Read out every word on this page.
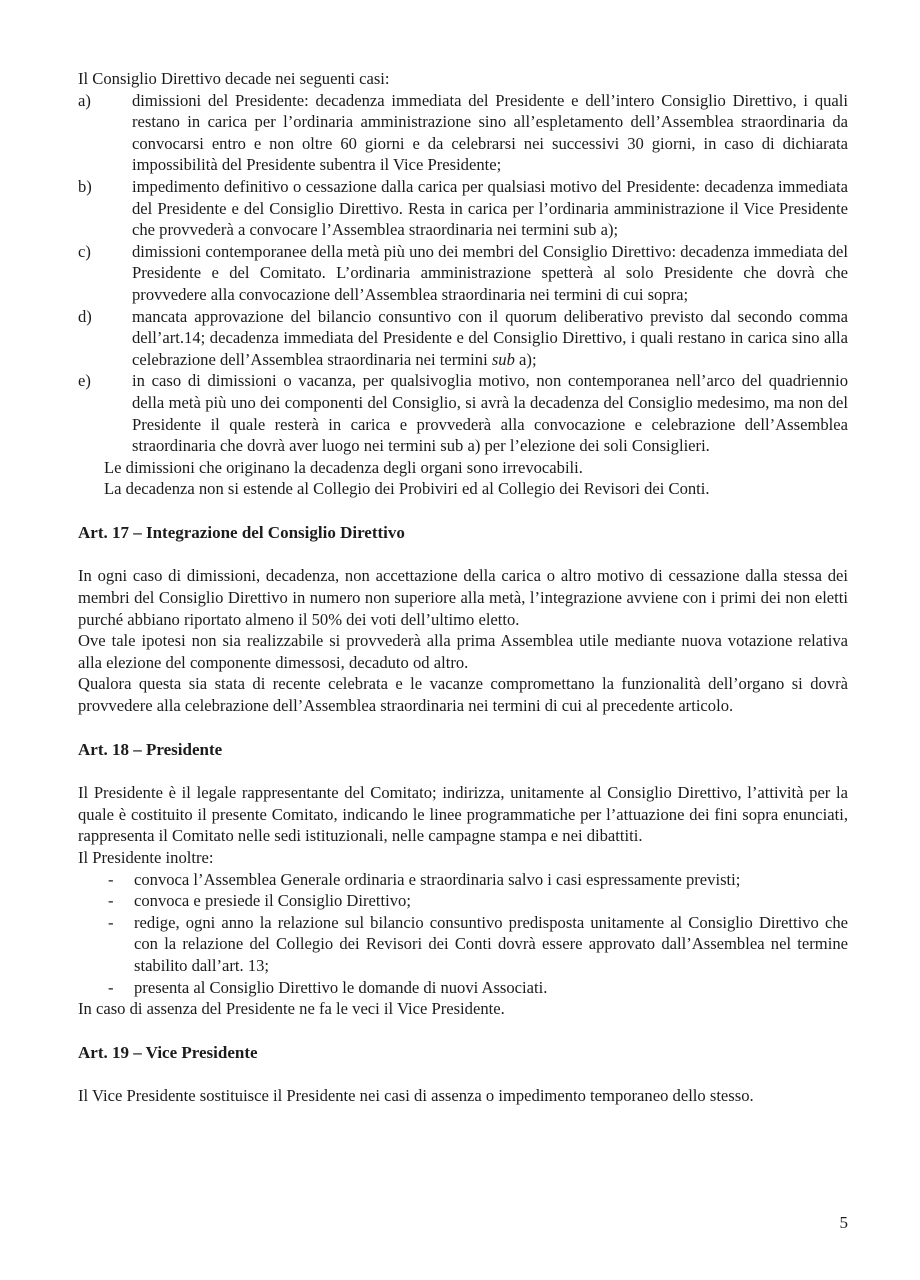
Il Consiglio Direttivo decade nei seguenti casi:

a)	dimissioni del Presidente: decadenza immediata del Presidente e dell’intero Consiglio Direttivo, i quali restano in carica per l’ordinaria amministrazione sino all’espletamento dell’Assemblea straordinaria da convocarsi entro e non oltre 60 giorni e da celebrarsi nei successivi 30 giorni, in caso di dichiarata impossibilità del Presidente subentra il Vice Presidente;
b)	impedimento definitivo o cessazione dalla carica per qualsiasi motivo del Presidente: decadenza immediata del Presidente e del Consiglio Direttivo. Resta in carica per l’ordinaria amministrazione il Vice Presidente che provvederà a convocare l’Assemblea straordinaria nei termini sub a);
c)	dimissioni contemporanee della metà più uno dei membri del Consiglio Direttivo: decadenza immediata del Presidente e del Comitato. L’ordinaria amministrazione spetterà al solo Presidente che dovrà che provvedere alla convocazione dell’Assemblea straordinaria nei termini di cui sopra;
d)	mancata approvazione del bilancio consuntivo con il quorum deliberativo previsto dal secondo comma dell’art.14; decadenza immediata del Presidente e del Consiglio Direttivo, i quali restano in carica sino alla celebrazione dell’Assemblea straordinaria nei termini sub a);
e)	in caso di dimissioni o vacanza, per qualsivoglia motivo, non contemporanea nell’arco del quadriennio della metà più uno dei componenti del Consiglio, si avrà la decadenza del Consiglio medesimo, ma non del Presidente il quale resterà in carica e provvederà alla convocazione e celebrazione dell’Assemblea straordinaria che dovrà aver luogo nei termini sub a) per l’elezione dei soli Consiglieri.

Le dimissioni che originano la decadenza degli organi sono irrevocabili.

La decadenza non si estende al Collegio dei Probiviri ed al Collegio dei Revisori dei Conti.

Art. 17 – Integrazione del Consiglio Direttivo

In ogni caso di dimissioni, decadenza, non accettazione della carica o altro motivo di cessazione dalla stessa dei membri del Consiglio Direttivo in numero non superiore alla metà, l’integrazione avviene con i primi dei non eletti purché abbiano riportato almeno il 50% dei voti dell’ultimo eletto.

Ove tale ipotesi non sia realizzabile si provvederà alla prima Assemblea utile mediante nuova votazione relativa alla elezione del componente dimessosi, decaduto od altro.

Qualora questa sia stata di recente celebrata e le vacanze compromettano la funzionalità dell’organo si dovrà provvedere alla celebrazione dell’Assemblea straordinaria nei termini di cui al precedente articolo.

Art. 18 – Presidente

Il Presidente è il legale rappresentante del Comitato; indirizza, unitamente al Consiglio Direttivo, l’attività per la quale è costituito il presente Comitato, indicando le linee programmatiche per l’attuazione dei fini sopra enunciati, rappresenta il Comitato nelle sedi istituzionali, nelle campagne stampa e nei dibattiti.

Il Presidente inoltre:

-	convoca l’Assemblea Generale ordinaria e straordinaria salvo i casi espressamente previsti;
-	convoca e presiede il Consiglio Direttivo;
-	redige, ogni anno la relazione sul bilancio consuntivo predisposta unitamente al Consiglio Direttivo che con la relazione del Collegio dei Revisori dei Conti dovrà essere approvato dall’Assemblea nel termine stabilito dall’art. 13;
-	presenta al Consiglio Direttivo le domande di nuovi Associati.

In caso di assenza del Presidente ne fa le veci il Vice Presidente.

Art. 19 – Vice Presidente

Il Vice Presidente sostituisce il Presidente nei casi di assenza o impedimento temporaneo dello stesso.

5
